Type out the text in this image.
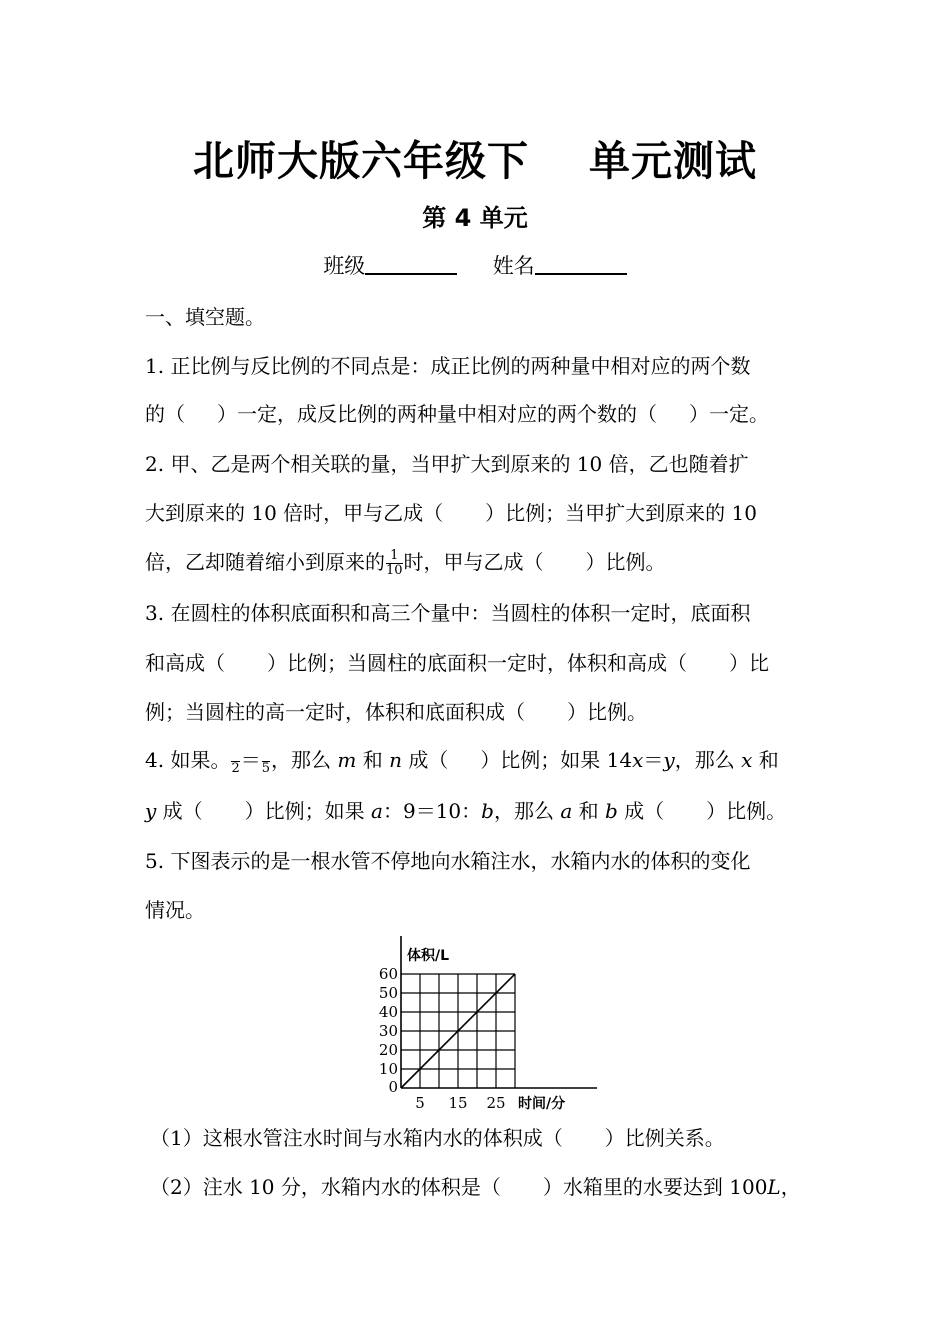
北师大版六年级下 单元测试
第 4 单元
班级	姓名
一、填空题。
1. 正比例与反比例的不同点是：成正比例的两种量中相对应的两个数
的（ ）一定，成反比例的两种量中相对应的两个数的（ ）一定。
2. 甲、乙是两个相关联的量，当甲扩大到原来的 10 倍，乙也随着扩
大到原来的 10 倍时，甲与乙成（ ）比例；当甲扩大到原来的 10
倍，乙却随着缩小到原来的 $\frac{1}{10}$ 时，甲与乙成（ ）比例。
3. 在圆柱的体积底面积和高三个量中：当圆柱的体积一定时，底面积
和高成（ ）比例；当圆柱的底面积一定时，体积和高成（ ）比
例；当圆柱的高一定时，体积和底面积成（ ）比例。
4. 如果。
2 ＝
5 ，那么 m 和 n 成（ ）比例；如果 14x＝y，那么 x 和
y 成（ ）比例；如果 a：9＝10：b，那么 a 和 b 成（ ）比例。
5. 下图表示的是一根水管不停地向水箱注水，水箱内水的体积的变化
情况。
10
20
30
40
50
60
0
5 15 25 时间/分
体积/L
（1）这根水管注水时间与水箱内水的体积成（ ）比例关系。
（2）注水 10 分，水箱内水的体积是（ ）水箱里的水要达到 100L，
